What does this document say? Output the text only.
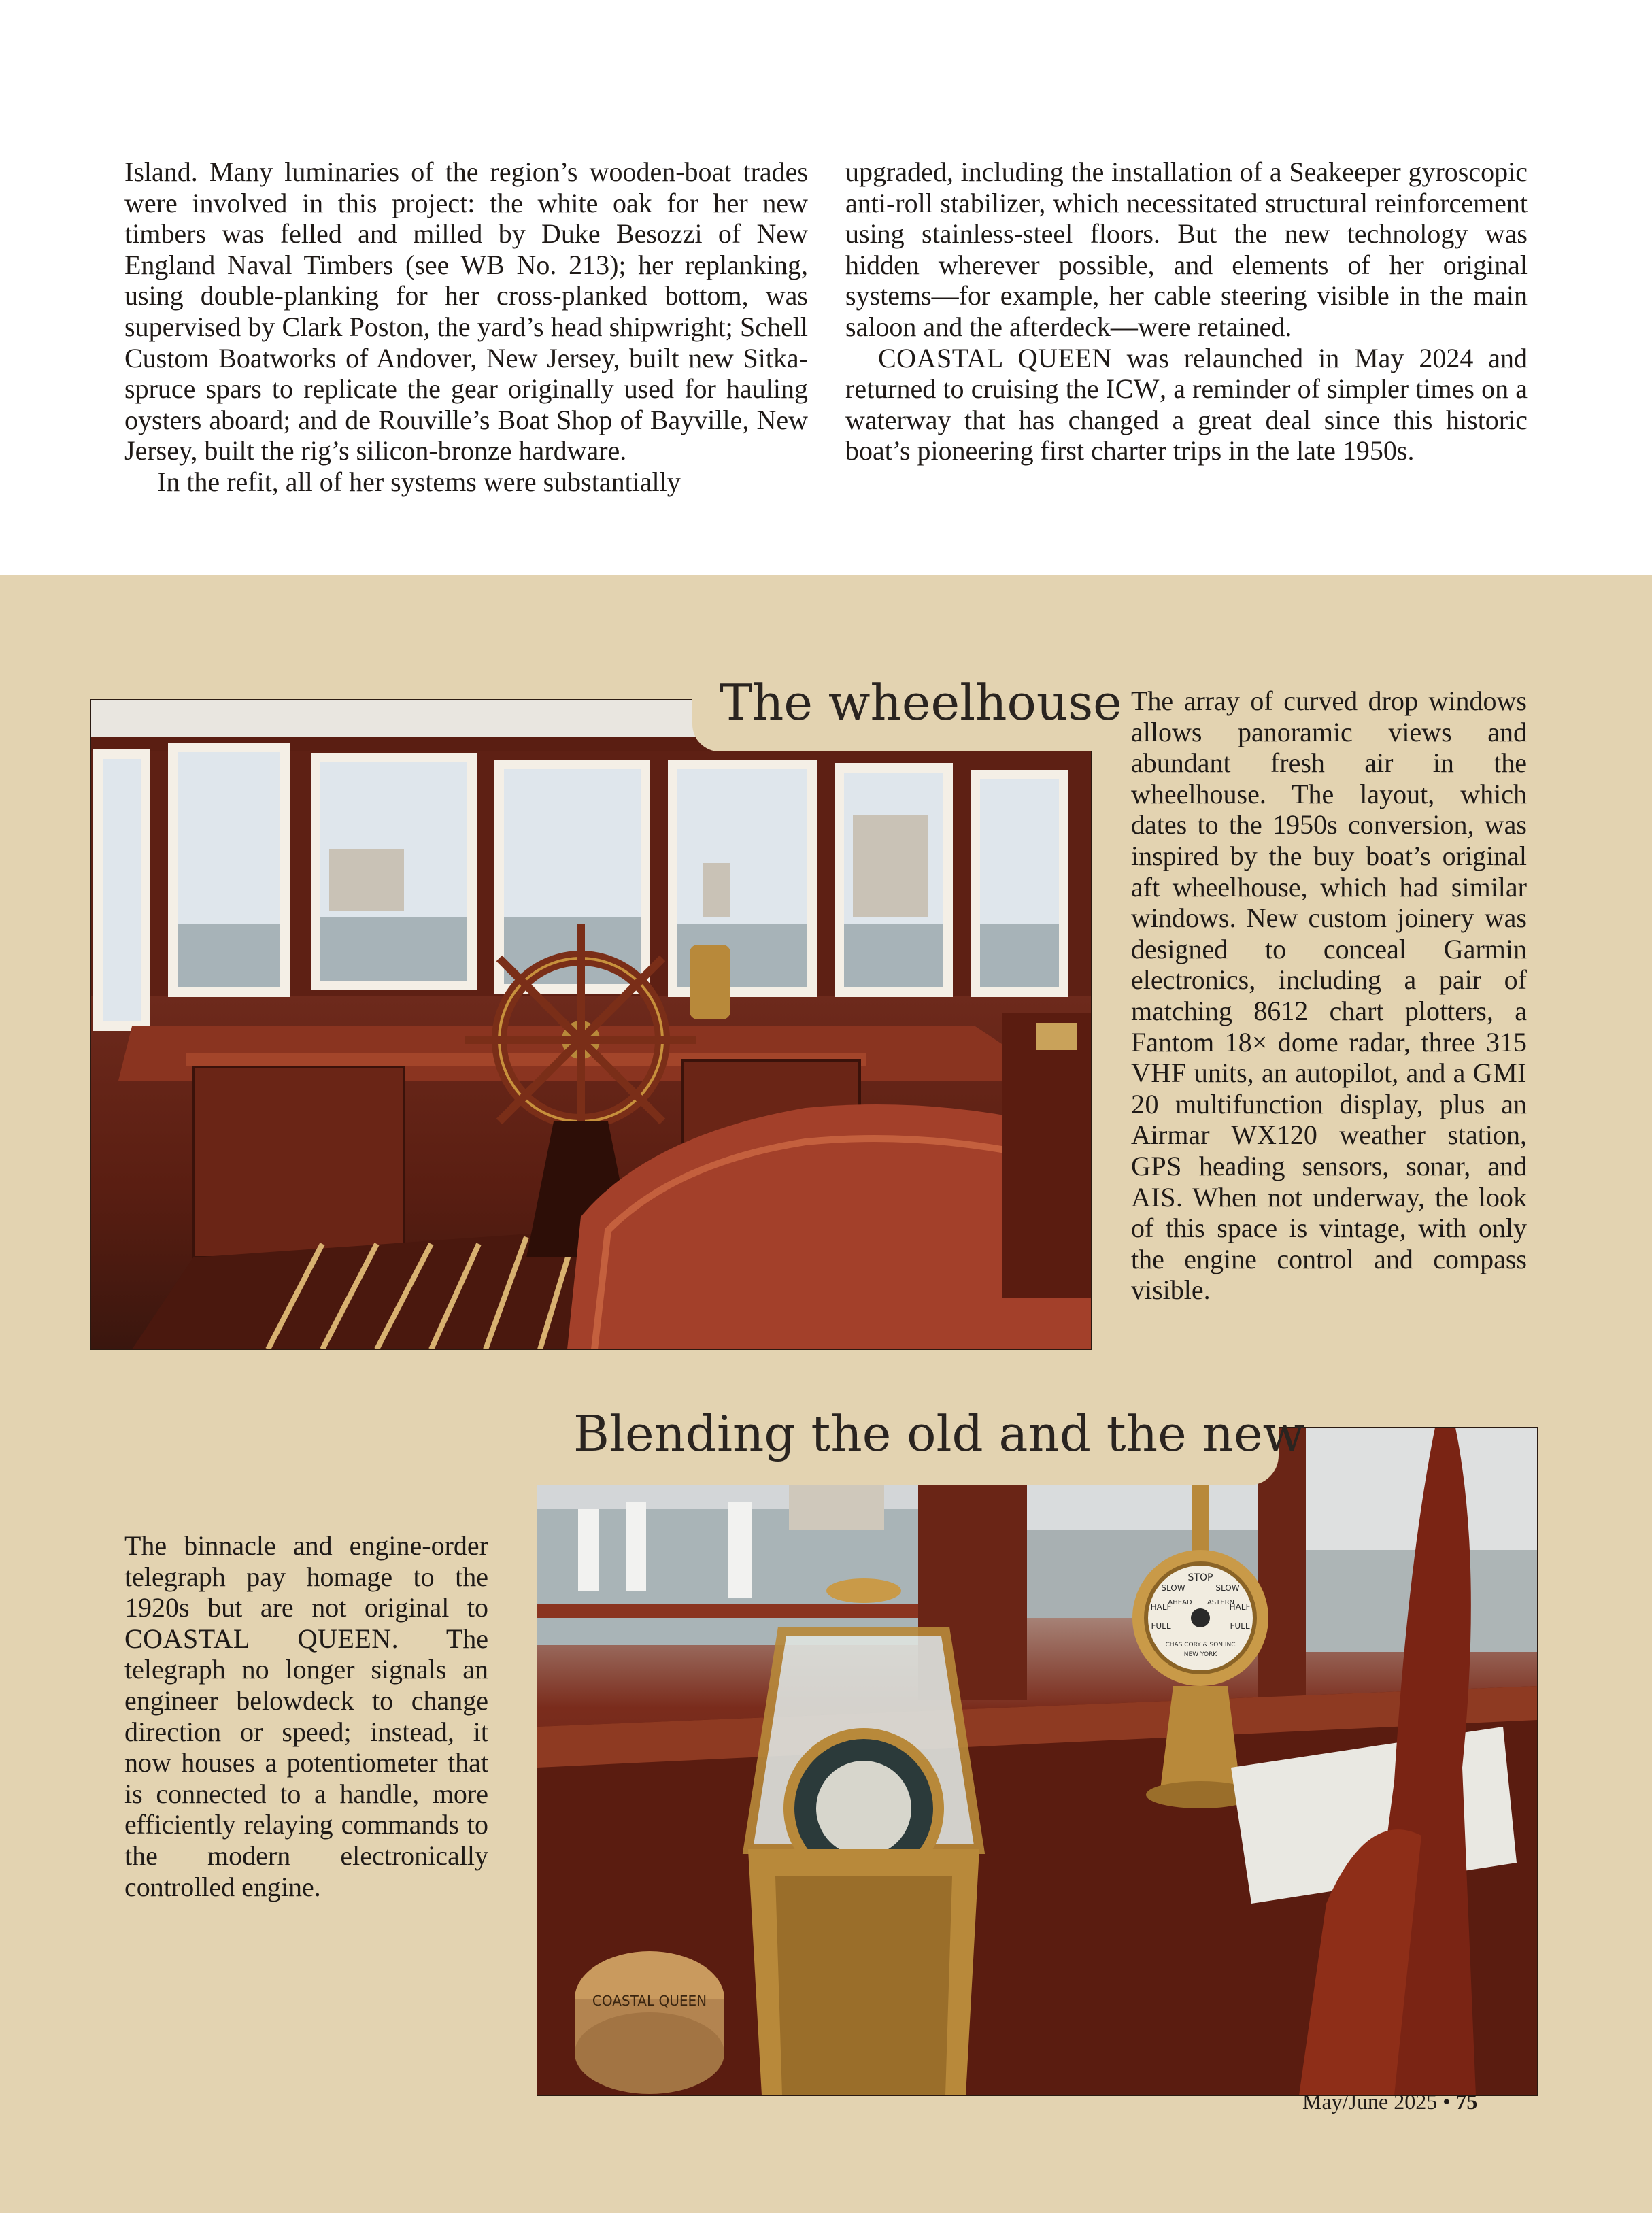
Island. Many luminaries of the region’s wooden-boat trades were involved in this project: the white oak for her new timbers was felled and milled by Duke Besozzi of New England Naval Timbers (see WB No. 213); her replanking, using double-planking for her cross-planked bottom, was supervised by Clark Poston, the yard’s head shipwright; Schell Custom Boatworks of Andover, New Jersey, built new Sitka-spruce spars to replicate the gear originally used for hauling oysters aboard; and de Rouville’s Boat Shop of Bayville, New Jersey, built the rig’s silicon-bronze hardware.

In the refit, all of her systems were substantially

upgraded, including the installation of a Seakeeper gyroscopic anti-roll stabilizer, which necessitated structural reinforcement using stainless-steel floors. But the new technology was hidden wherever possible, and elements of her original systems—for example, her cable steering visible in the main saloon and the afterdeck—were retained.

COASTAL QUEEN was relaunched in May 2024 and returned to cruising the ICW, a reminder of simpler times on a waterway that has changed a great deal since this historic boat’s pioneering first charter trips in the late 1950s.

The wheelhouse The array of curved drop windows allows panoramic views and abundant fresh air in the wheelhouse. The layout, which dates to the 1950s conversion, was inspired by the buy boat’s original aft wheelhouse, which had similar windows. New custom joinery was designed to conceal Garmin electronics, including a pair of matching 8612 chart plotters, a Fantom 18× dome radar, three 315 VHF units, an autopilot, and a GMI 20 multifunction display, plus an Airmar WX120 weather station, GPS heading sensors, sonar, and AIS. When not underway, the look of this space is vintage, with only the engine control and compass visible.

COASTAL QUEEN
STOP
SLOW	SLOW
HALF	HALF
FULL	FULL
AHEAD ASTERN
CHAS CORY & SON INC
NEW YORK
Blending the old and the new

The binnacle and engine-order telegraph pay homage to the 1920s but are not original to COASTAL QUEEN. The telegraph no longer signals an engineer belowdeck to change direction or speed; instead, it now houses a potentiometer that is connected to a handle, more efficiently relaying commands to the modern electronically controlled engine.

May/June 2025 • 75
